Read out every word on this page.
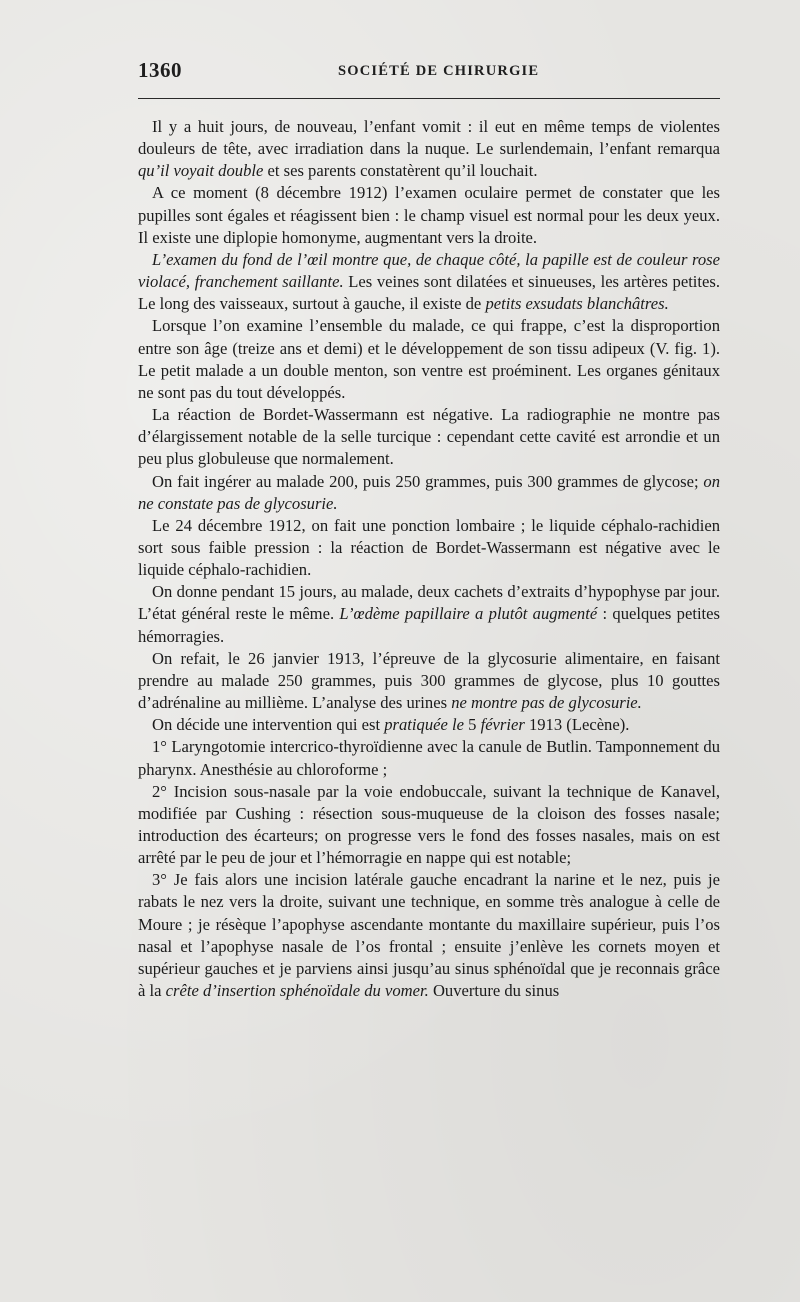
1360	SOCIÉTÉ DE CHIRURGIE

Il y a huit jours, de nouveau, l’enfant vomit : il eut en même temps de violentes douleurs de tête, avec irradiation dans la nuque. Le surlendemain, l’enfant remarqua qu’il voyait double et ses parents constatèrent qu’il louchait.

A ce moment (8 décembre 1912) l’examen oculaire permet de constater que les pupilles sont égales et réagissent bien : le champ visuel est normal pour les deux yeux. Il existe une diplopie homonyme, augmentant vers la droite.

L’examen du fond de l’œil montre que, de chaque côté, la papille est de couleur rose violacé, franchement saillante. Les veines sont dilatées et sinueuses, les artères petites. Le long des vaisseaux, surtout à gauche, il existe de petits exsudats blanchâtres.

Lorsque l’on examine l’ensemble du malade, ce qui frappe, c’est la disproportion entre son âge (treize ans et demi) et le développement de son tissu adipeux (V. fig. 1). Le petit malade a un double menton, son ventre est proéminent. Les organes génitaux ne sont pas du tout développés.

La réaction de Bordet-Wassermann est négative. La radiographie ne montre pas d’élargissement notable de la selle turcique : cependant cette cavité est arrondie et un peu plus globuleuse que normalement.

On fait ingérer au malade 200, puis 250 grammes, puis 300 grammes de glycose; on ne constate pas de glycosurie.

Le 24 décembre 1912, on fait une ponction lombaire ; le liquide céphalo-rachidien sort sous faible pression : la réaction de Bordet-Wassermann est négative avec le liquide céphalo-rachidien.

On donne pendant 15 jours, au malade, deux cachets d’extraits d’hypophyse par jour. L’état général reste le même. L’œdème papillaire a plutôt augmenté : quelques petites hémorragies.

On refait, le 26 janvier 1913, l’épreuve de la glycosurie alimentaire, en faisant prendre au malade 250 grammes, puis 300 grammes de glycose, plus 10 gouttes d’adrénaline au millième. L’analyse des urines ne montre pas de glycosurie.

On décide une intervention qui est pratiquée le 5 février 1913 (Lecène).

1° Laryngotomie intercrico-thyroïdienne avec la canule de Butlin. Tamponnement du pharynx. Anesthésie au chloroforme ;

2° Incision sous-nasale par la voie endobuccale, suivant la technique de Kanavel, modifiée par Cushing : résection sous-muqueuse de la cloison des fosses nasale; introduction des écarteurs; on progresse vers le fond des fosses nasales, mais on est arrêté par le peu de jour et l’hémorragie en nappe qui est notable;

3° Je fais alors une incision latérale gauche encadrant la narine et le nez, puis je rabats le nez vers la droite, suivant une technique, en somme très analogue à celle de Moure ; je résèque l’apophyse ascendante montante du maxillaire supérieur, puis l’os nasal et l’apophyse nasale de l’os frontal ; ensuite j’enlève les cornets moyen et supérieur gauches et je parviens ainsi jusqu’au sinus sphénoïdal que je reconnais grâce à la crête d’insertion sphénoïdale du vomer. Ouverture du sinus
